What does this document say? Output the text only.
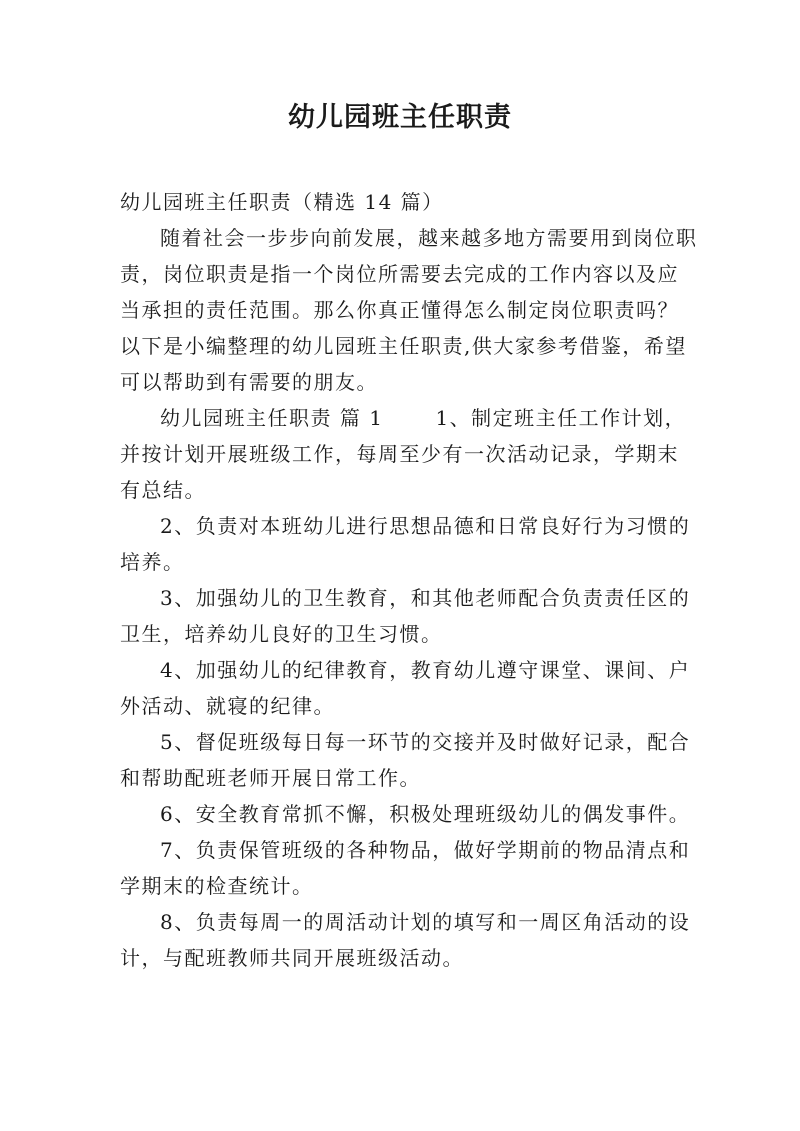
幼儿园班主任职责

幼儿园班主任职责（精选 14 篇）

随着社会一步步向前发展，越来越多地方需要用到岗位职责，岗位职责是指一个岗位所需要去完成的工作内容以及应当承担的责任范围。那么你真正懂得怎么制定岗位职责吗？以下是小编整理的幼儿园班主任职责,供大家参考借鉴，希望可以帮助到有需要的朋友。

幼儿园班主任职责 篇 1	1、制定班主任工作计划，并按计划开展班级工作，每周至少有一次活动记录，学期末有总结。

2、负责对本班幼儿进行思想品德和日常良好行为习惯的培养。

3、加强幼儿的卫生教育，和其他老师配合负责责任区的卫生，培养幼儿良好的卫生习惯。

4、加强幼儿的纪律教育，教育幼儿遵守课堂、课间、户外活动、就寝的纪律。

5、督促班级每日每一环节的交接并及时做好记录，配合和帮助配班老师开展日常工作。

6、安全教育常抓不懈，积极处理班级幼儿的偶发事件。

7、负责保管班级的各种物品，做好学期前的物品清点和学期末的检查统计。

8、负责每周一的周活动计划的填写和一周区角活动的设计，与配班教师共同开展班级活动。
